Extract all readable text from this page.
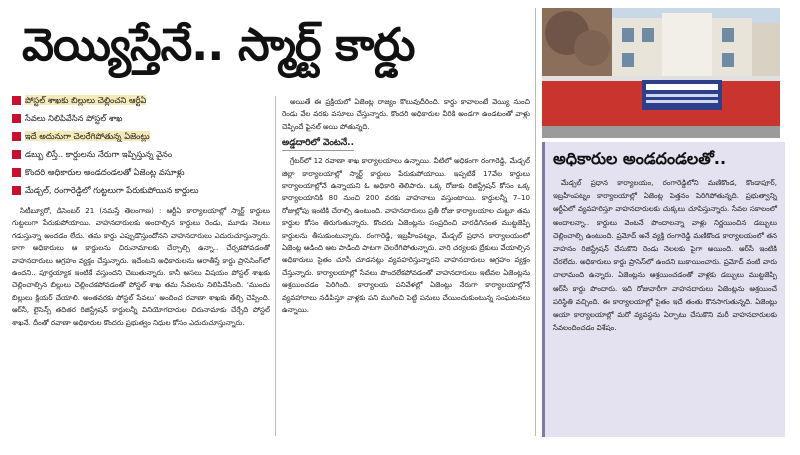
వెయ్యిస్తేనే.. స్మార్ట్ కార్డు
పోస్టల్ శాఖకు బిల్లులు చెల్లించని ఆర్టీఏ
సేవలు నిలిపివేసిన పోస్టల్ శాఖ
ఇదే అదునుగా చెలరేగిపోతున్న ఏజెంట్లు
డబ్బు లిస్తే.. కార్డులను నేరుగా ఇప్పిస్తున్న వైనం
కొందరి అధికారుల అండదండలతో ఏజెంట్ల వసూళ్లు
మేడ్చల్, రంగారెడ్డిలో గుట్టలుగా పేరుకుపోయిన కార్డులు

సిటీబ్యూరో, డిసెంబర్ 21 (నమస్తే తెలంగాణ) : ఆర్టీఏ కార్యాలయాల్లో స్మార్ట్ కార్డులు గుట్టలుగా పేరుకుపోయాయి. వాహనదారులకు అందాల్సిన కార్డులు రెండు, మూడు నెలలు గడుస్తున్నా అందడం లేదు. తమ కార్డు ఎప్పుడొస్తుందోనని వాహనదారులు ఎదురుచూస్తున్నారు. కాగా అధికారులు ఆ కార్డులను చిరునామాలకు చేర్చాల్సి ఉన్నా.. చేర్చకపోవడంతో వాహనదారులు ఆగ్రహం వ్యక్తం చేస్తున్నారు. ఇదేంటని అధికారులను ఆరాతీస్తే కార్డు ప్రాసెసింగ్‌లో ఉందని.. పూర్తయ్యాక ఇంటికే వస్తుందని చెబుతున్నారు. కానీ అసలు విషయం పోస్టల్ శాఖకు చెల్లించాల్సిన బిల్లులు చెల్లించకపోవడంతో పోస్టల్ శాఖ తమ సేవలను నిలిపివేసింది. ‘ముందు బిల్లులు క్లియర్ చేయాలి. అంతవరకు పోస్టల్ సేవలు’ అందించ రవాణా శాఖకు తేల్చి చెప్పింది. ఆర్‌సీ, లైసెన్స్ తదితర రిజిస్ట్రేషన్ కార్డులన్నీ వినియోగదారుల చిరునామాకు చేర్చేది పోస్టల్ శాఖనే. దీంతో రవాణా అధికారుల కొందరు ప్రభుత్వం నిధుల కోసం ఎదురుచూస్తున్నారు.

అయితే ఈ ప్రక్రియలో ఏజెంట్ల రాజ్యం కొలువుదీరింది. కార్డు కావాలంటే వెయ్యి నుంచి రెండు వేల వరకు వసూలు చేస్తున్నారు. కొందరి అధికారుల వీరికి అండగా ఉండటంతో వాళ్లు చెప్పిందే ఫైనల్ అయి పోతున్నది.

అడ్డదారిలో వెంటనే..

గ్రేటర్‌లో 12 రవాణా శాఖ కార్యాలయాలు ఉన్నాయి. వీటిలో అధికంగా రంగారెడ్డి, మేడ్చల్ జిల్లా కార్యాలయాల్లో స్మార్ట్ కార్డులు పేరుకుపోయాయి. ఇప్పటికే 17వేల కార్డులు కార్యాలయాల్లోనే ఉన్నాయని ఓ అధికారి తెలిపారు. ఒక్క రోజుకు రిజిస్ట్రేషన్ కోసం ఒక్క కార్యాలయానికి 80 నుంచి 200 వరకు వాహనాలు వస్తుంటాయి. కార్డులన్నీ 7–10 రోజుల్లోపు ఇంటికి చేరాల్సి ఉంటుంది. వాహనదారులు ప్రతీ రోజు కార్యాలయాల చుట్టూ తమ కార్డుల కోసం తిరుగుతున్నారు. కొందరు ఏజెంట్లను సంప్రదించి వారడిగినంత ముట్టజెప్పి కార్డులను తీసుకుంటున్నారు. రంగారెడ్డి, ఇబ్రహీంపట్నం, మేడ్చల్ ప్రధాన కార్యాలయంలో ఏజెంట్ల ఆడింది ఆట పాడింది పాటగా చెలరేగిపోతున్నారు. వారి చర్యలకు బ్రేకులు వేయాల్సిన అధికారులు సైతం చూసీ చూడనట్లు వ్యవహరిస్తున్నారని వాహనదారులు ఆగ్రహం వ్యక్తం చేస్తున్నారు. కార్యాలయాల్లో సేవలు పొందలేకపోవడంతో వాహనదారులు ఇటీవల ఏజెంట్లను ఆశ్రయించడం పెరిగింది. కార్యాలయ పనివేళల్లో ఏజెంట్లు నేరుగా కార్యాలయాల్లోనే వ్యవహారాలు నడిపిస్తూ వాళ్లకు పని ముగించి పెట్టి పనులు చేయించుకుంటున్న సంఘటనలు ఉన్నాయి.

అధికారుల అండదండలతో..

మేడ్చల్ ప్రధాన కార్యాలయం, రంగారెడ్డిలోని మణికొండ, కొండాపూర్, ఇబ్రహీంపట్నం కార్యాలయాల్లో ఏజెంట్ల పెత్తనం పెరిగిపోతున్నది. ప్రభుత్వాన్ని ఆర్టీఏలో వ్యవహరిస్తూ వాహనదారులకు చుక్కలు చూపిస్తున్నారు. సేవల సకాలంలో అందాలన్నా.. కార్డులు వెంటనే పొందాలన్నా వాళ్లు నిర్ణయించిన డబ్బులు చెల్లించాల్సి ఉంటుంది. ప్రమోద్ అనే వ్యక్తి రంగారెడ్డి మణికొండ కార్యాలయంలో తన వాహనం రిజిస్ట్రేషన్ చేసుకొని రెండు నెలలకు పైగా అయింది. ఆర్‌సీ ఇంటికి చేరలేదు. అధికారులు కార్డు ప్రాసెస్‌లో ఉందని బుకాయించారు. ప్రమోద్‌ వంటి వారు చాలామంది ఉన్నారు. ఏజెంట్లను ఆశ్రయించడంతో వాళ్లకు డబ్బులు ముట్టజెప్పి ఆర్‌సీ కార్డు పొందారు. ఇది రోజువారీగా వాహనదారులు ఏజెంట్లను ఆశ్రయించే పరిస్థితి వచ్చింది. ఈ కార్యాలయాల్లో సైతం ఇదే తంతు కొనసాగుతున్నది. ఏజెంట్లు ఆయా కార్యాలయాల్లో మరో వ్యవస్థను ఏర్పాటు చేసుకొని మరీ వాహనదారులకు సేవలందించడం విశేషం.
